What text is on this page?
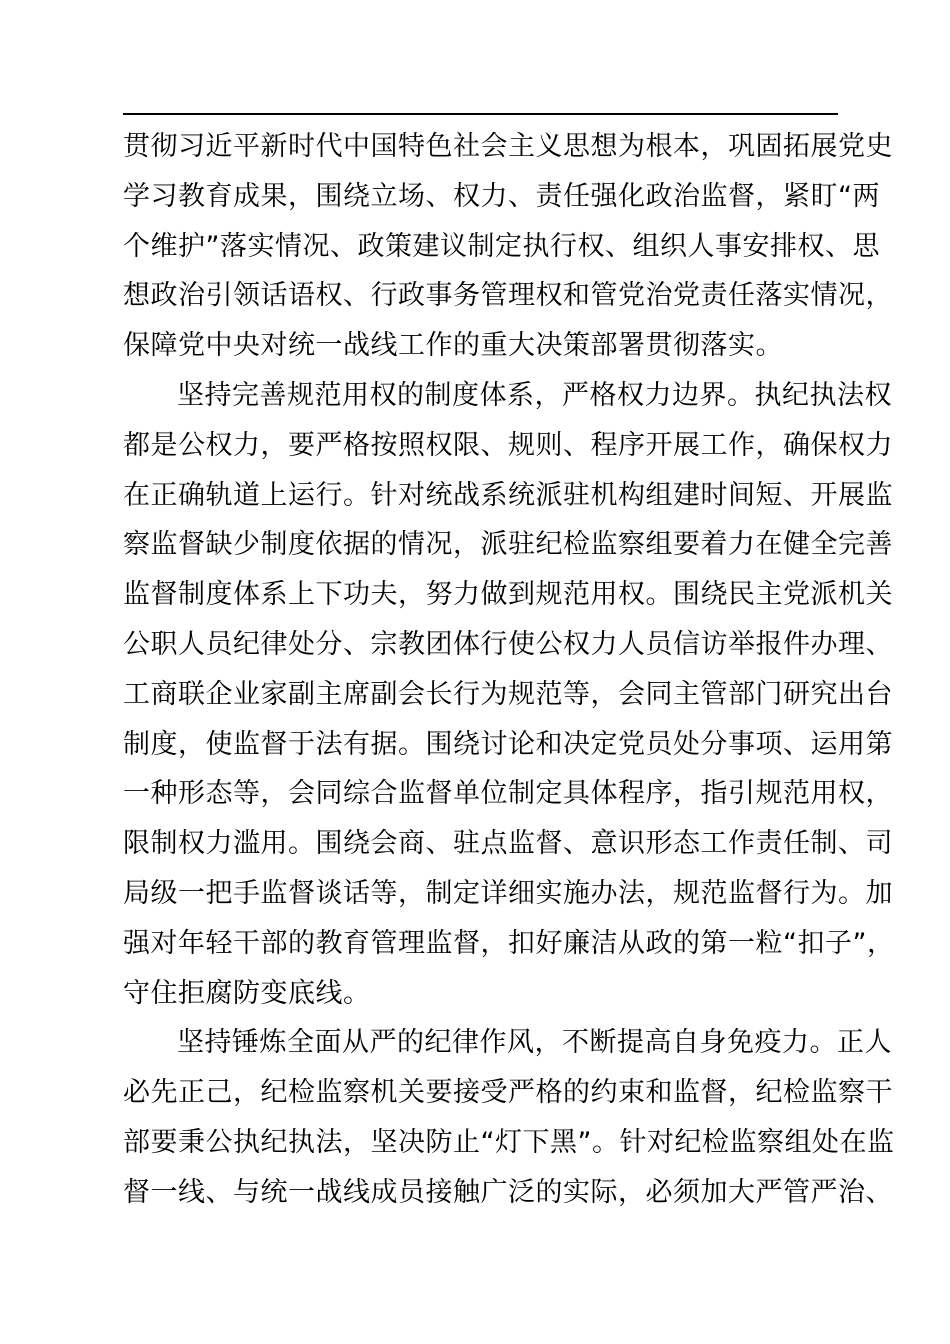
贯彻习近平新时代中国特色社会主义思想为根本，巩固拓展党史
学习教育成果，围绕立场、权力、责任强化政治监督，紧盯“两
个维护”落实情况、政策建议制定执行权、组织人事安排权、思
想政治引领话语权、行政事务管理权和管党治党责任落实情况，
保障党中央对统一战线工作的重大决策部署贯彻落实。
坚持完善规范用权的制度体系，严格权力边界。执纪执法权
都是公权力，要严格按照权限、规则、程序开展工作，确保权力
在正确轨道上运行。针对统战系统派驻机构组建时间短、开展监
察监督缺少制度依据的情况，派驻纪检监察组要着力在健全完善
监督制度体系上下功夫，努力做到规范用权。围绕民主党派机关
公职人员纪律处分、宗教团体行使公权力人员信访举报件办理、
工商联企业家副主席副会长行为规范等，会同主管部门研究出台
制度，使监督于法有据。围绕讨论和决定党员处分事项、运用第
一种形态等，会同综合监督单位制定具体程序，指引规范用权，
限制权力滥用。围绕会商、驻点监督、意识形态工作责任制、司
局级一把手监督谈话等，制定详细实施办法，规范监督行为。加
强对年轻干部的教育管理监督，扣好廉洁从政的第一粒“扣子”，
守住拒腐防变底线。
坚持锤炼全面从严的纪律作风，不断提高自身免疫力。正人
必先正己，纪检监察机关要接受严格的约束和监督，纪检监察干
部要秉公执纪执法，坚决防止“灯下黑”。针对纪检监察组处在监
督一线、与统一战线成员接触广泛的实际，必须加大严管严治、
